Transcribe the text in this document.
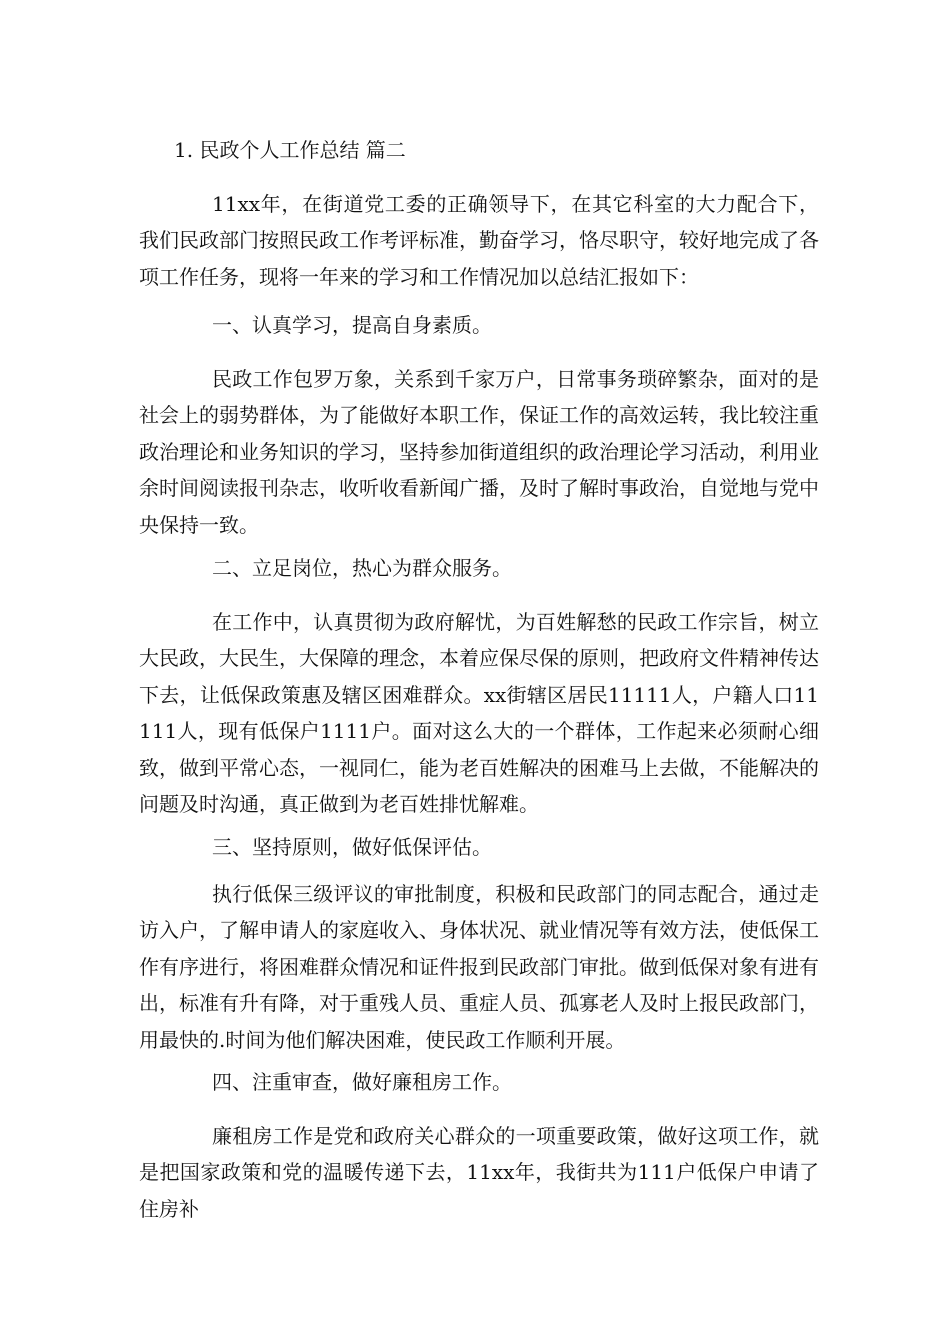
1. 民政个人工作总结 篇二

11xx年，在街道党工委的正确领导下，在其它科室的大力配合下，我们民政部门按照民政工作考评标准，勤奋学习，恪尽职守，较好地完成了各项工作任务，现将一年来的学习和工作情况加以总结汇报如下：

一、认真学习，提高自身素质。

民政工作包罗万象，关系到千家万户，日常事务琐碎繁杂，面对的是社会上的弱势群体，为了能做好本职工作，保证工作的高效运转，我比较注重政治理论和业务知识的学习，坚持参加街道组织的政治理论学习活动，利用业余时间阅读报刊杂志，收听收看新闻广播，及时了解时事政治，自觉地与党中央保持一致。

二、立足岗位，热心为群众服务。

在工作中，认真贯彻为政府解忧，为百姓解愁的民政工作宗旨，树立大民政，大民生，大保障的理念，本着应保尽保的原则，把政府文件精神传达下去，让低保政策惠及辖区困难群众。xx街辖区居民11111人，户籍人口11111人，现有低保户1111户。面对这么大的一个群体，工作起来必须耐心细致，做到平常心态，一视同仁，能为老百姓解决的困难马上去做，不能解决的问题及时沟通，真正做到为老百姓排忧解难。

三、坚持原则，做好低保评估。

执行低保三级评议的审批制度，积极和民政部门的同志配合，通过走访入户，了解申请人的家庭收入、身体状况、就业情况等有效方法，使低保工作有序进行，将困难群众情况和证件报到民政部门审批。做到低保对象有进有出，标准有升有降，对于重残人员、重症人员、孤寡老人及时上报民政部门，用最快的.时间为他们解决困难，使民政工作顺利开展。

四、注重审查，做好廉租房工作。

廉租房工作是党和政府关心群众的一项重要政策，做好这项工作，就是把国家政策和党的温暖传递下去，11xx年，我街共为111户低保户申请了住房补
